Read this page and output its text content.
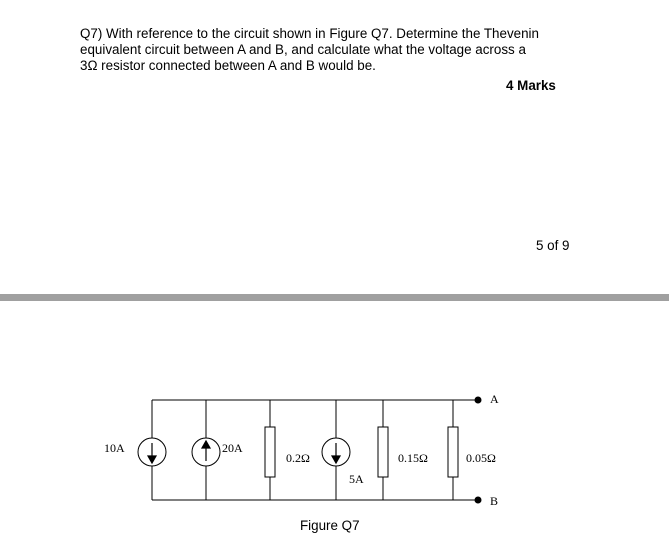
Q7) With reference to the circuit shown in Figure Q7. Determine the Thevenin
equivalent circuit between A and B, and calculate what the voltage across a
3Ω resistor connected between A and B would be.
4 Marks
5 of 9
10A	20A
0.2Ω
5A
0.15Ω	0.05Ω
A
B
Figure Q7
